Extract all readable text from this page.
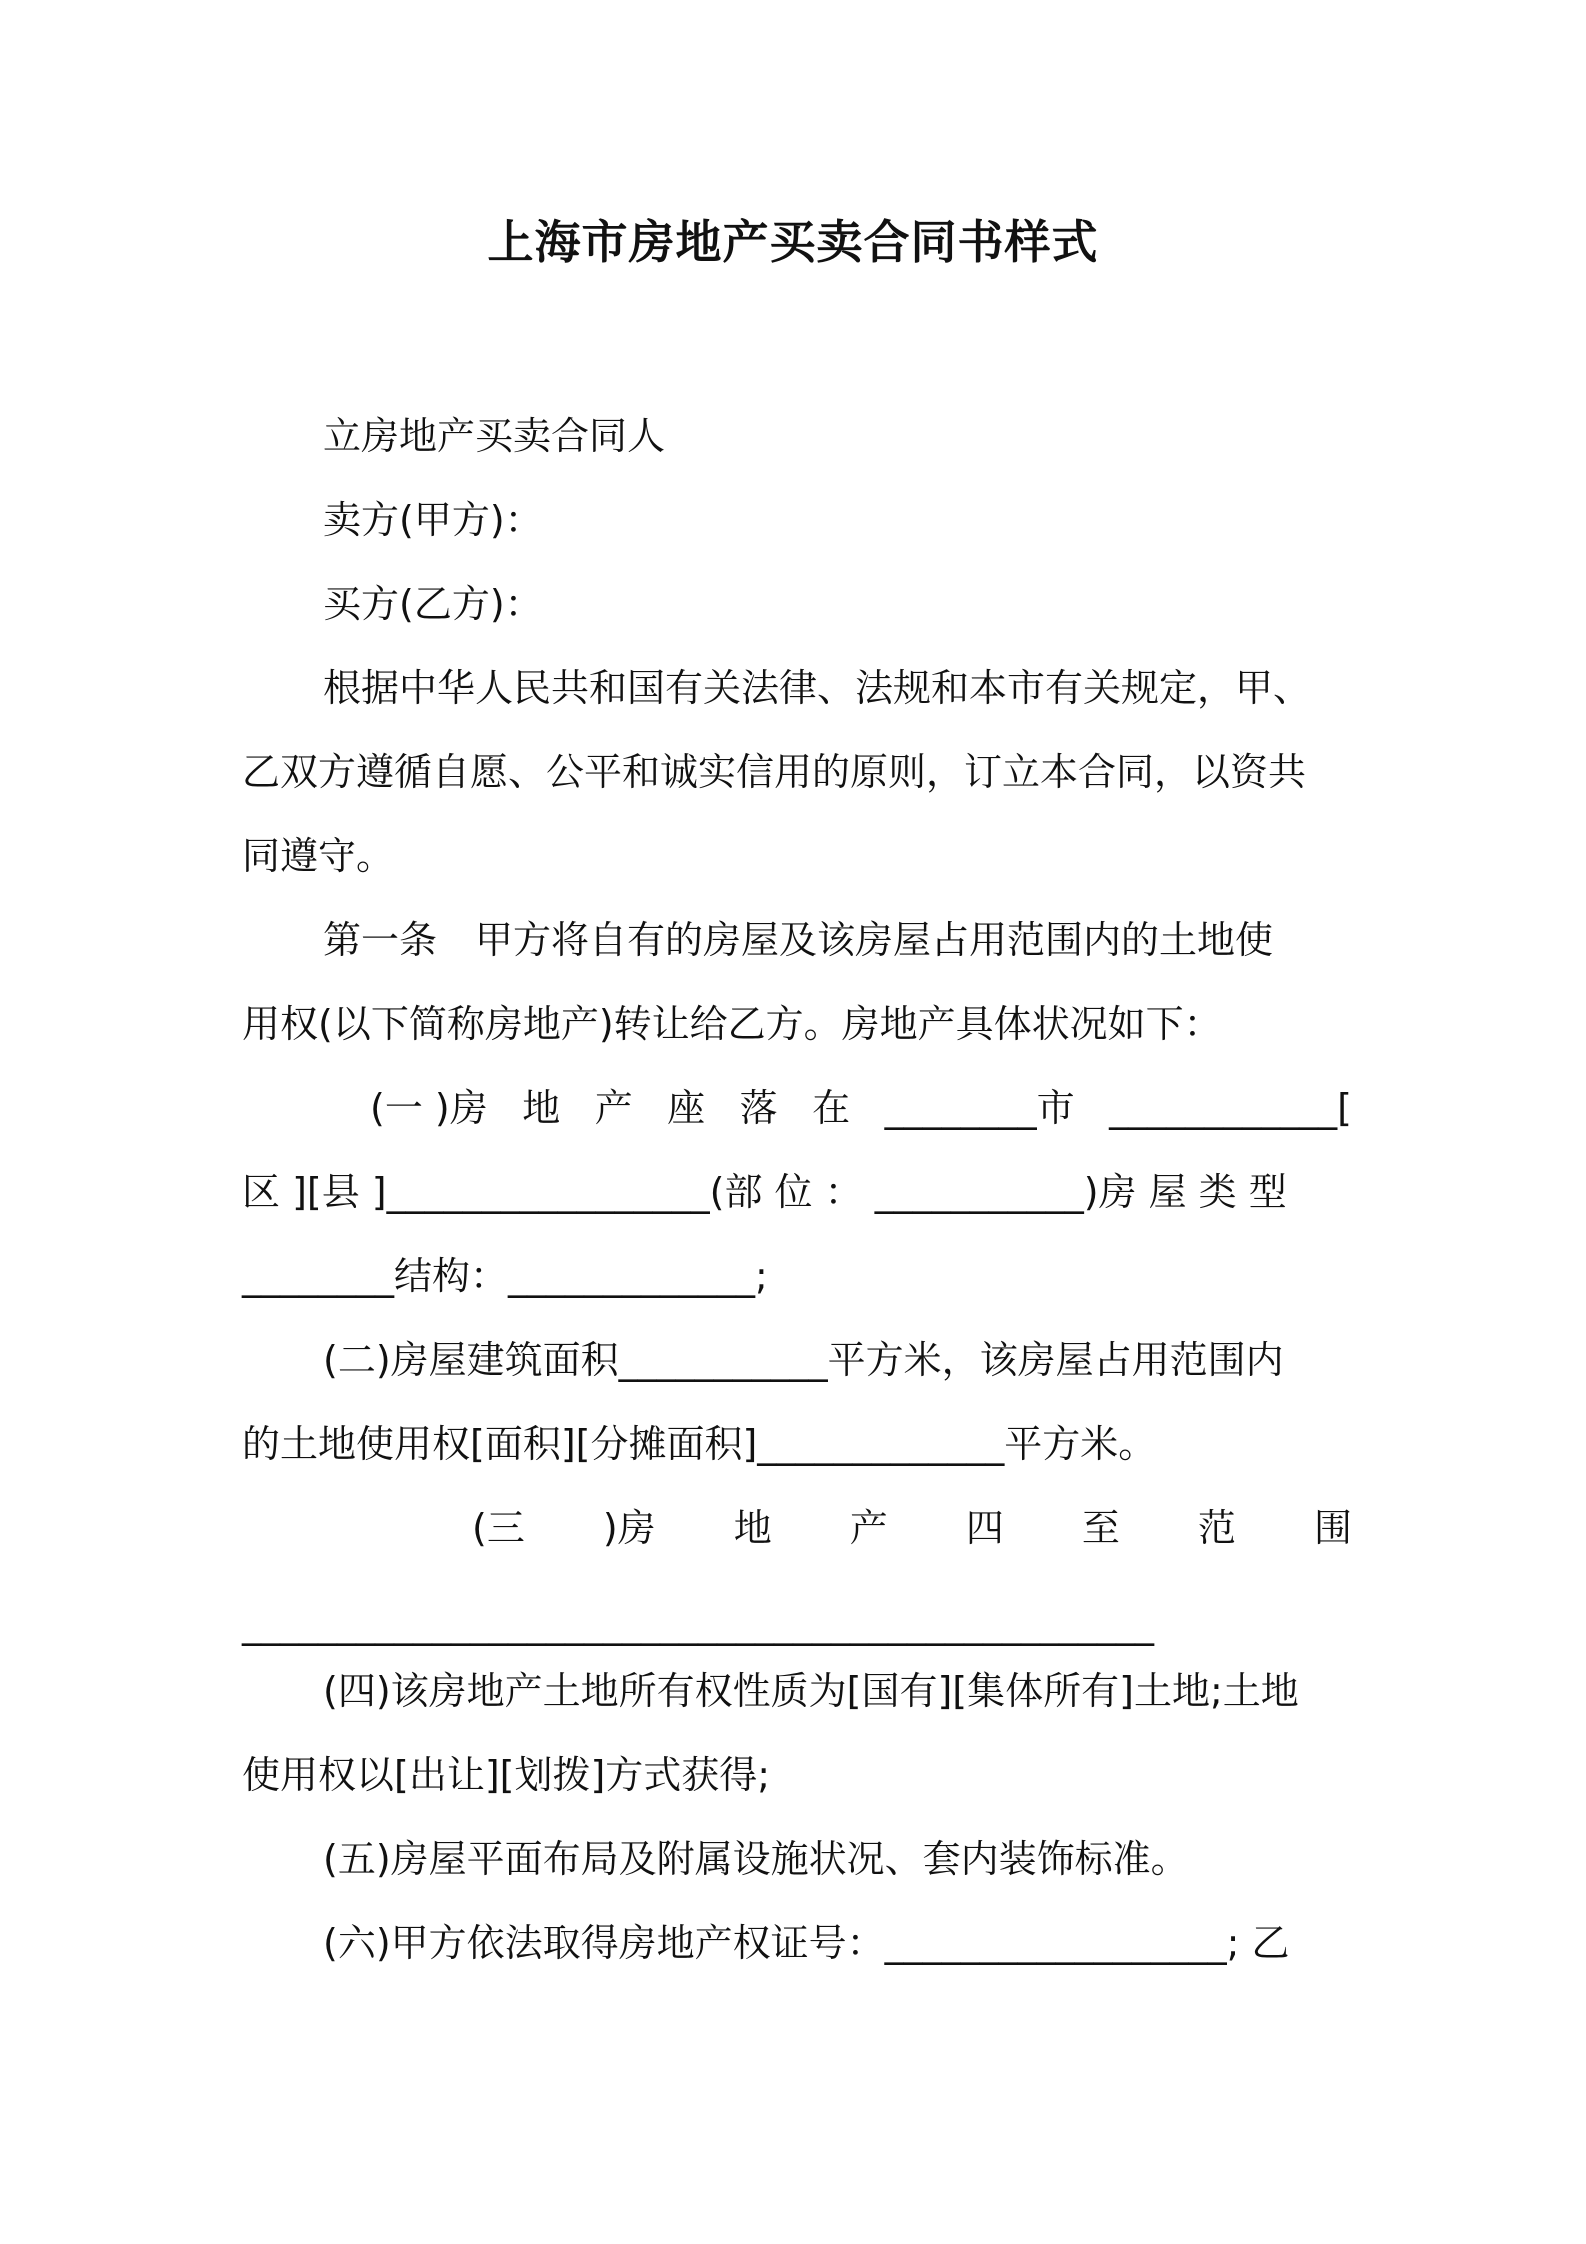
上海市房地产买卖合同书样式

立房地产买卖合同人

卖方(甲方)：

买方(乙方)：

根据中华人民共和国有关法律、法规和本市有关规定，甲、

乙双方遵循自愿、公平和诚实信用的原则，订立本合同，以资共

同遵守。

第一条　甲方将自有的房屋及该房屋占用范围内的土地使

用权(以下简称房地产)转让给乙方。房地产具体状况如下：

(一 )房 地 产 座 落 在 ________市 ____________[

区 ][县 ]_________________(部 位 ： ___________)房 屋 类 型

________结构：_____________;

(二)房屋建筑面积___________平方米，该房屋占用范围内

的土地使用权[面积][分摊面积]_____________平方米。

(三 )房 地 产 四 至 范 围

________________________________________________

(四)该房地产土地所有权性质为[国有][集体所有]土地;土地

使用权以[出让][划拨]方式获得;

(五)房屋平面布局及附属设施状况、套内装饰标准。

(六)甲方依法取得房地产权证号：__________________; 乙
